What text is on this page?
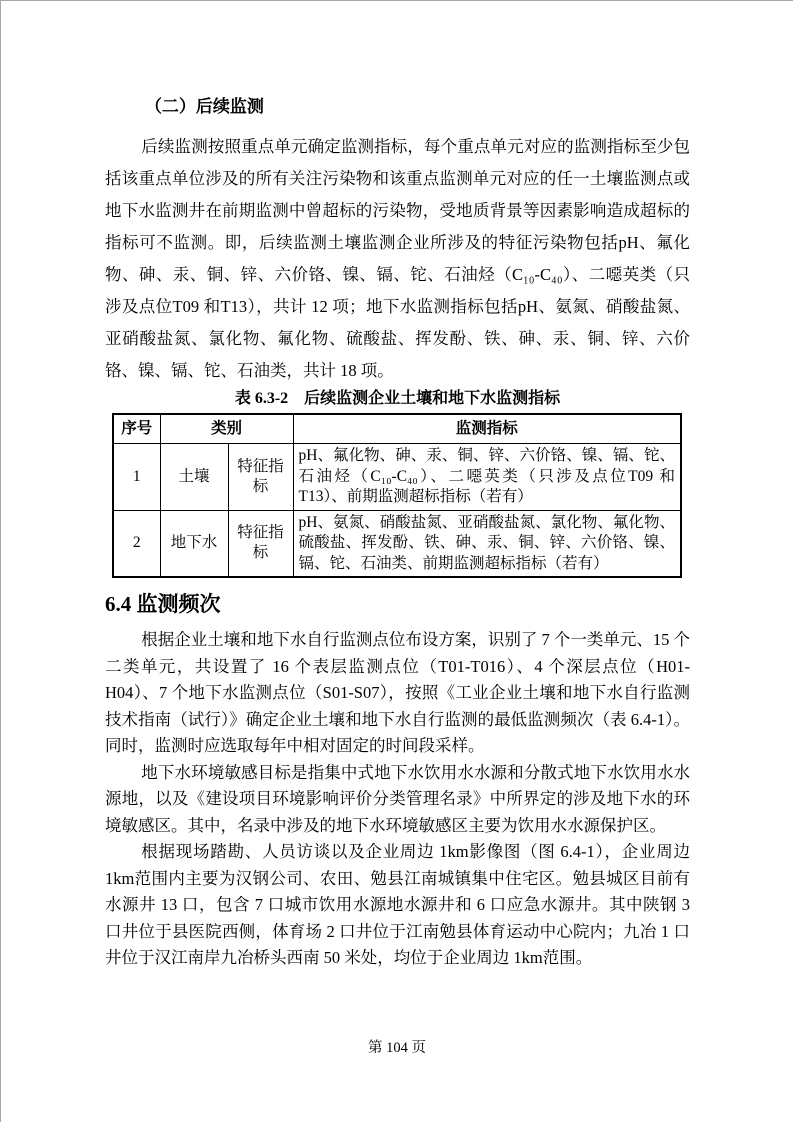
（二）后续监测

后续监测按照重点单元确定监测指标，每个重点单元对应的监测指标至少包括该重点单位涉及的所有关注污染物和该重点监测单元对应的任一土壤监测点或地下水监测井在前期监测中曾超标的污染物，受地质背景等因素影响造成超标的指标可不监测。即，后续监测土壤监测企业所涉及的特征污染物包括pH、氟化物、砷、汞、铜、锌、六价铬、镍、镉、铊、石油烃（C₁₀-C₄₀）、二噁英类（只涉及点位T09 和T13），共计 12 项；地下水监测指标包括pH、氨氮、硝酸盐氮、亚硝酸盐氮、氯化物、氟化物、硫酸盐、挥发酚、铁、砷、汞、铜、锌、六价铬、镍、镉、铊、石油类，共计 18 项。

表 6.3-2　后续监测企业土壤和地下水监测指标

序号	类别		监测指标
1	土壤	特征指标	pH、氟化物、砷、汞、铜、锌、六价铬、镍、镉、铊、石油烃（C₁₀-C₄₀）、二噁英类（只涉及点位T09 和T13）、前期监测超标指标（若有）
2	地下水	特征指标	pH、氨氮、硝酸盐氮、亚硝酸盐氮、氯化物、氟化物、硫酸盐、挥发酚、铁、砷、汞、铜、锌、六价铬、镍、镉、铊、石油类、前期监测超标指标（若有）
6.4 监测频次

根据企业土壤和地下水自行监测点位布设方案，识别了 7 个一类单元、15 个二类单元，共设置了 16 个表层监测点位（T01-T016）、4 个深层点位（H01-H04）、7 个地下水监测点位（S01-S07），按照《工业企业土壤和地下水自行监测技术指南（试行）》确定企业土壤和地下水自行监测的最低监测频次（表 6.4-1）。同时，监测时应选取每年中相对固定的时间段采样。

地下水环境敏感目标是指集中式地下水饮用水水源和分散式地下水饮用水水源地，以及《建设项目环境影响评价分类管理名录》中所界定的涉及地下水的环境敏感区。其中，名录中涉及的地下水环境敏感区主要为饮用水水源保护区。

根据现场踏勘、人员访谈以及企业周边 1km影像图（图 6.4-1），企业周边 1km范围内主要为汉钢公司、农田、勉县江南城镇集中住宅区。勉县城区目前有水源井 13 口，包含 7 口城市饮用水源地水源井和 6 口应急水源井。其中陕钢 3 口井位于县医院西侧，体育场 2 口井位于江南勉县体育运动中心院内；九冶 1 口井位于汉江南岸九冶桥头西南 50 米处，均位于企业周边 1km范围。

第 104 页
